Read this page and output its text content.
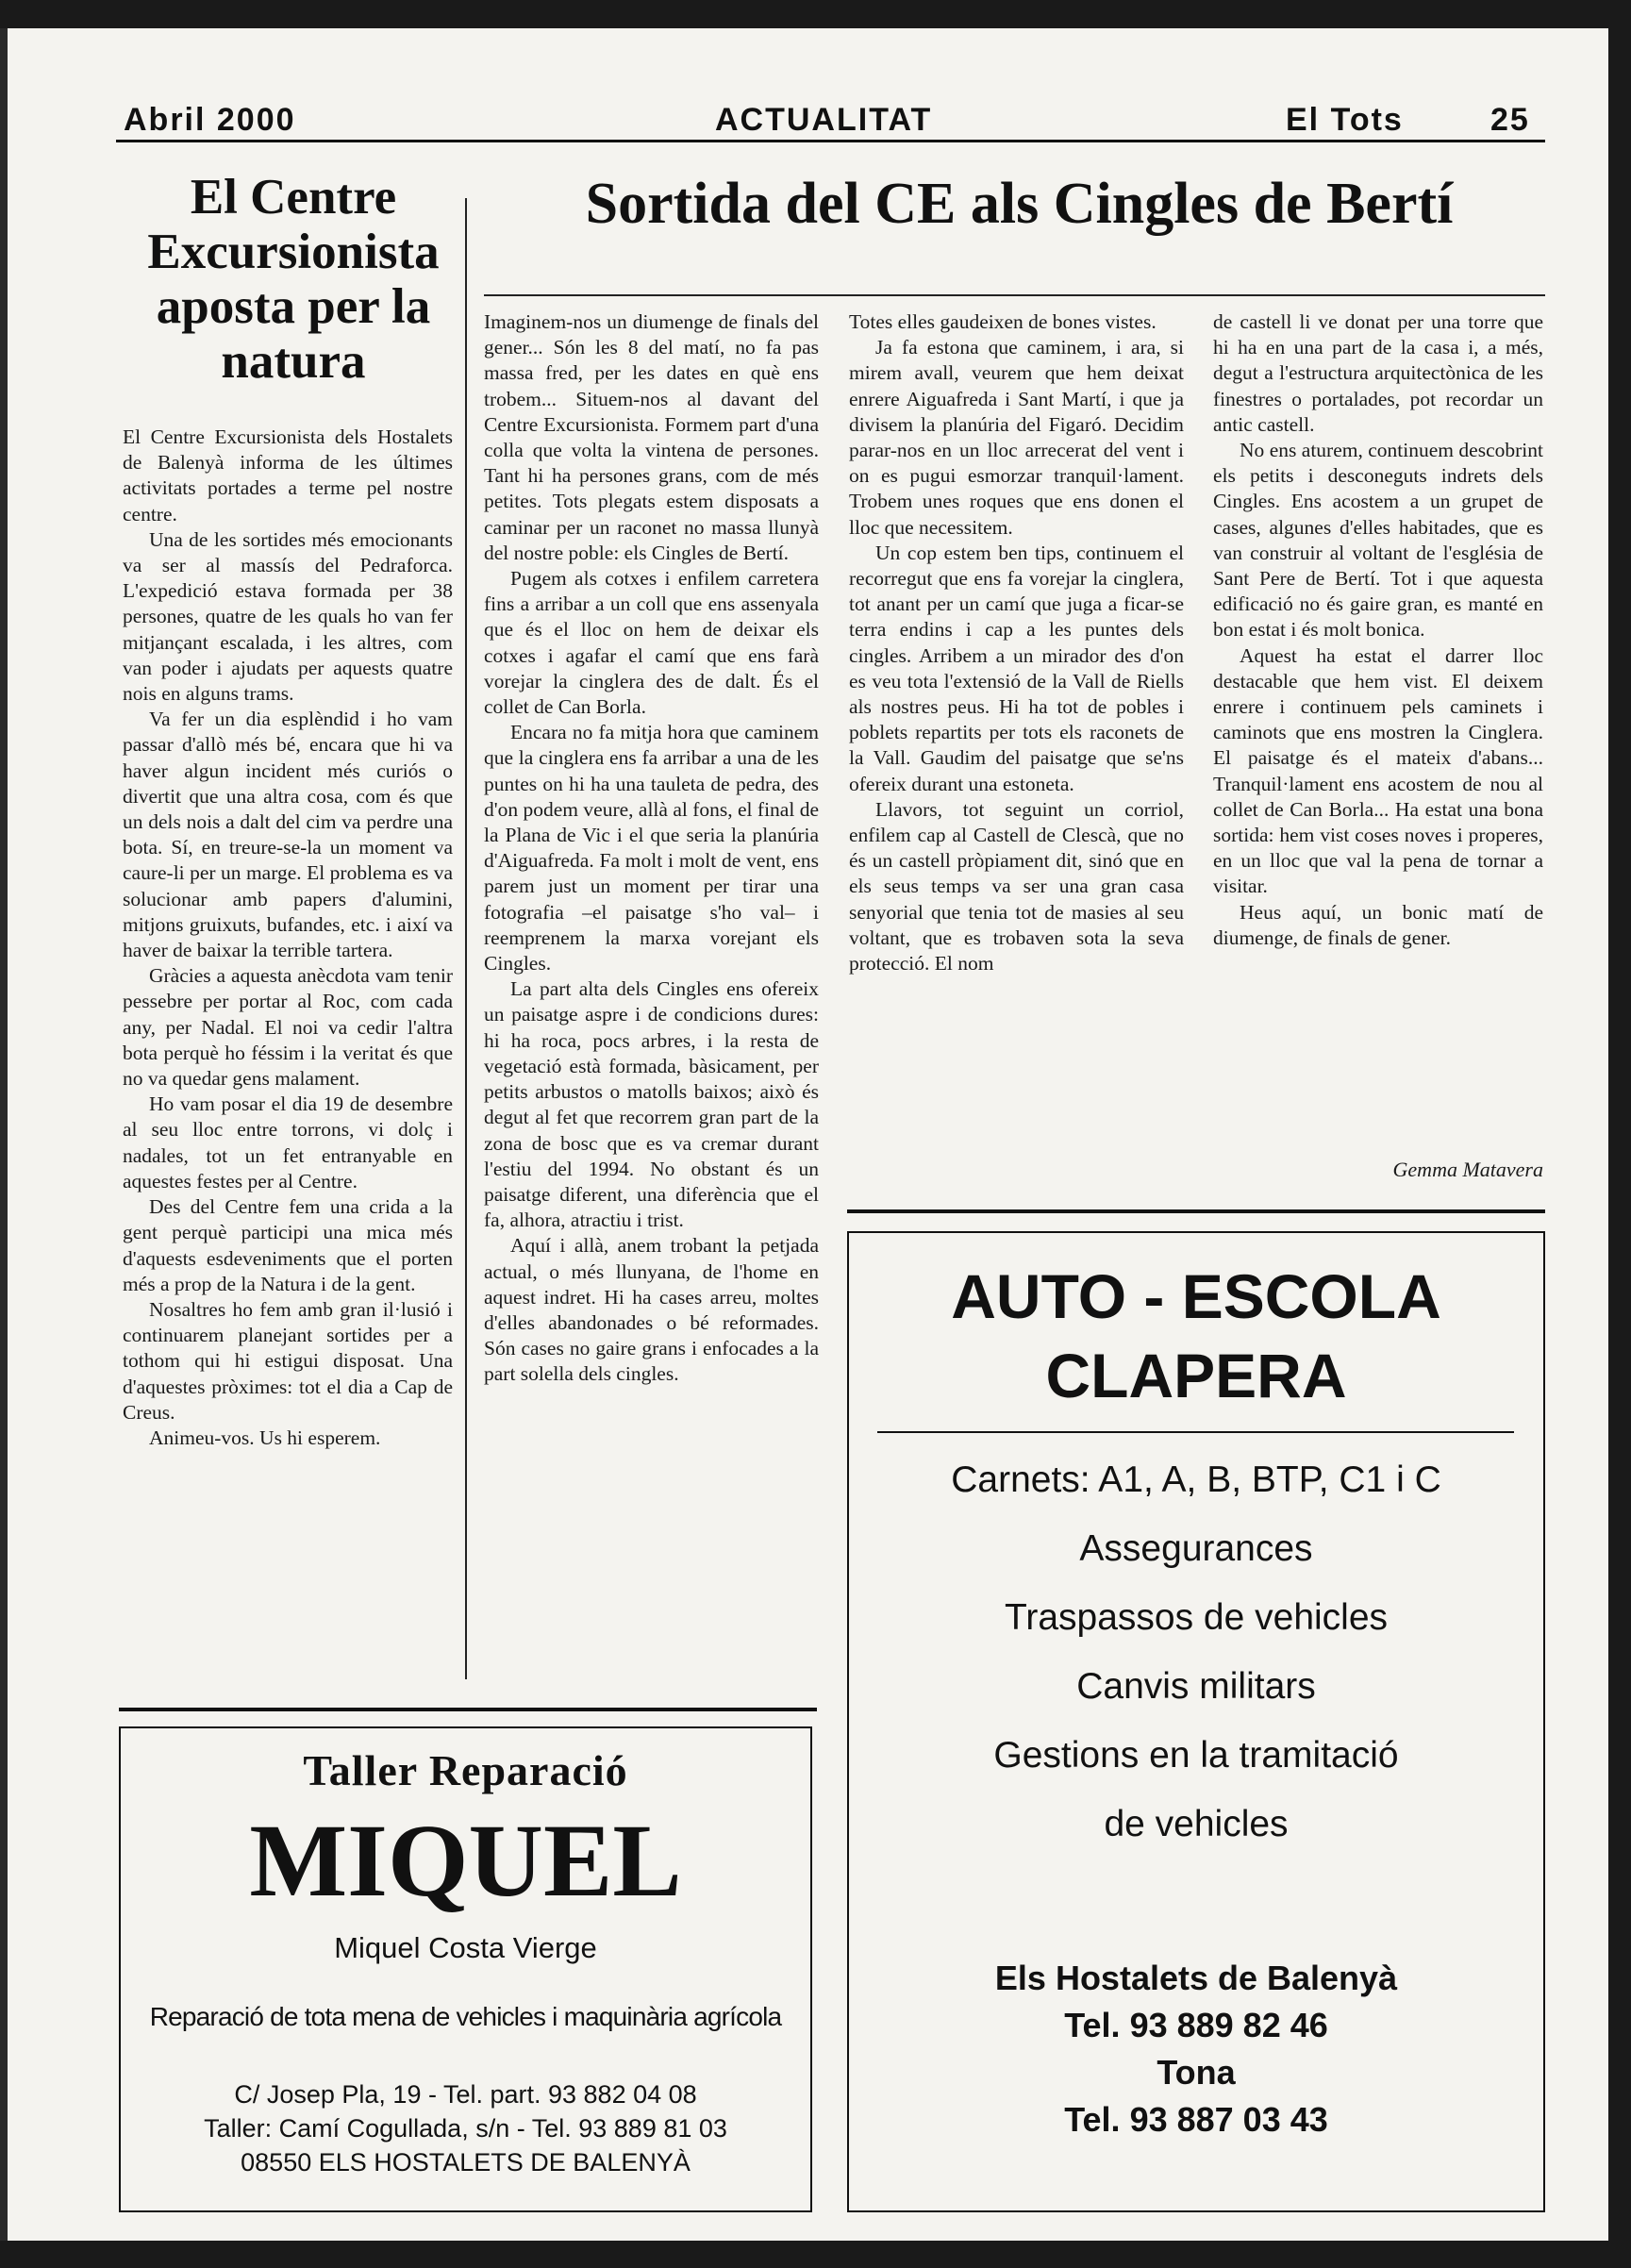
Abril 2000	ACTUALITAT	El Tots	25
El Centre Excursionista aposta per la natura
Sortida del CE als Cingles de Bertí

El Centre Excursionista dels Hostalets de Balenyà informa de les últimes activitats portades a terme pel nostre centre.

Una de les sortides més emocionants va ser al massís del Pedraforca. L'expedició estava formada per 38 persones, quatre de les quals ho van fer mitjançant escalada, i les altres, com van poder i ajudats per aquests quatre nois en alguns trams.

Va fer un dia esplèndid i ho vam passar d'allò més bé, encara que hi va haver algun incident més curiós o divertit que una altra cosa, com és que un dels nois a dalt del cim va perdre una bota. Sí, en treure-se-la un moment va caure-li per un marge. El problema es va solucionar amb papers d'alumini, mitjons gruixuts, bufandes, etc. i així va haver de baixar la terrible tartera.

Gràcies a aquesta anècdota vam tenir pessebre per portar al Roc, com cada any, per Nadal. El noi va cedir l'altra bota perquè ho féssim i la veritat és que no va quedar gens malament.

Ho vam posar el dia 19 de desembre al seu lloc entre torrons, vi dolç i nadales, tot un fet entranyable en aquestes festes per al Centre.

Des del Centre fem una crida a la gent perquè participi una mica més d'aquests esdeveniments que el porten més a prop de la Natura i de la gent.

Nosaltres ho fem amb gran il·lusió i continuarem planejant sortides per a tothom qui hi estigui disposat. Una d'aquestes pròximes: tot el dia a Cap de Creus.

Animeu-vos. Us hi esperem.

Imaginem-nos un diumenge de finals del gener... Són les 8 del matí, no fa pas massa fred, per les dates en què ens trobem... Situem-nos al davant del Centre Excursionista. Formem part d'una colla que volta la vintena de persones. Tant hi ha persones grans, com de més petites. Tots plegats estem disposats a caminar per un raconet no massa llunyà del nostre poble: els Cingles de Bertí.

Pugem als cotxes i enfilem carretera fins a arribar a un coll que ens assenyala que és el lloc on hem de deixar els cotxes i agafar el camí que ens farà vorejar la cinglera des de dalt. És el collet de Can Borla.

Encara no fa mitja hora que caminem que la cinglera ens fa arribar a una de les puntes on hi ha una tauleta de pedra, des d'on podem veure, allà al fons, el final de la Plana de Vic i el que seria la planúria d'Aiguafreda. Fa molt i molt de vent, ens parem just un moment per tirar una fotografia –el paisatge s'ho val– i reemprenem la marxa vorejant els Cingles.

La part alta dels Cingles ens ofereix un paisatge aspre i de condicions dures: hi ha roca, pocs arbres, i la resta de vegetació està formada, bàsicament, per petits arbustos o matolls baixos; això és degut al fet que recorrem gran part de la zona de bosc que es va cremar durant l'estiu del 1994. No obstant és un paisatge diferent, una diferència que el fa, alhora, atractiu i trist.

Aquí i allà, anem trobant la petjada actual, o més llunyana, de l'home en aquest indret. Hi ha cases arreu, moltes d'elles abandonades o bé reformades. Són cases no gaire grans i enfocades a la part solella dels cingles.

Totes elles gaudeixen de bones vistes.

Ja fa estona que caminem, i ara, si mirem avall, veurem que hem deixat enrere Aiguafreda i Sant Martí, i que ja divisem la planúria del Figaró. Decidim parar-nos en un lloc arrecerat del vent i on es pugui esmorzar tranquil·lament. Trobem unes roques que ens donen el lloc que necessitem.

Un cop estem ben tips, continuem el recorregut que ens fa vorejar la cinglera, tot anant per un camí que juga a ficar-se terra endins i cap a les puntes dels cingles. Arribem a un mirador des d'on es veu tota l'extensió de la Vall de Riells als nostres peus. Hi ha tot de pobles i poblets repartits per tots els raconets de la Vall. Gaudim del paisatge que se'ns ofereix durant una estoneta.

Llavors, tot seguint un corriol, enfilem cap al Castell de Clescà, que no és un castell pròpiament dit, sinó que en els seus temps va ser una gran casa senyorial que tenia tot de masies al seu voltant, que es trobaven sota la seva protecció. El nom

de castell li ve donat per una torre que hi ha en una part de la casa i, a més, degut a l'estructura arquitectònica de les finestres o portalades, pot recordar un antic castell.

No ens aturem, continuem descobrint els petits i desconeguts indrets dels Cingles. Ens acostem a un grupet de cases, algunes d'elles habitades, que es van construir al voltant de l'església de Sant Pere de Bertí. Tot i que aquesta edificació no és gaire gran, es manté en bon estat i és molt bonica.

Aquest ha estat el darrer lloc destacable que hem vist. El deixem enrere i continuem pels caminets i caminots que ens mostren la Cinglera. El paisatge és el mateix d'abans... Tranquil·lament ens acostem de nou al collet de Can Borla... Ha estat una bona sortida: hem vist coses noves i properes, en un lloc que val la pena de tornar a visitar.

Heus aquí, un bonic matí de diumenge, de finals de gener.

Gemma Matavera
Taller Reparació
MIQUEL
Miquel Costa Vierge
Reparació de tota mena de vehicles i maquinària agrícola
C/ Josep Pla, 19 - Tel. part. 93 882 04 08
Taller: Camí Cogullada, s/n - Tel. 93 889 81 03
08550 ELS HOSTALETS DE BALENYÀ
AUTO - ESCOLA
CLAPERA
Carnets: A1, A, B, BTP, C1 i C
Assegurances
Traspassos de vehicles
Canvis militars
Gestions en la tramitació
de vehicles
Els Hostalets de Balenyà
Tel. 93 889 82 46
Tona
Tel. 93 887 03 43
